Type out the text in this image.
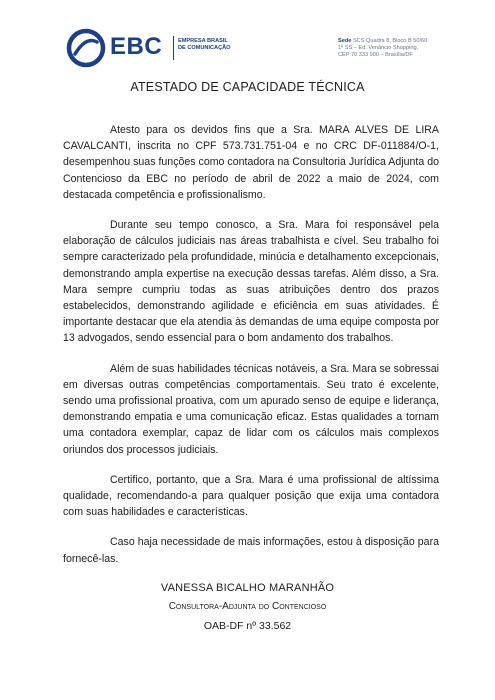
EBC	EMPRESA BRASIL
DE COMUNICAÇÃO
Sede SCS Quadra 8, Bloco B 50/60
1º SS – Ed. Venâncio Shopping,
CEP 70 333 900 – Brasília/DF
ATESTADO DE CAPACIDADE TÉCNICA

Atesto para os devidos fins que a Sra. MARA ALVES DE LIRA CAVALCANTI, inscrita no CPF 573.731.751-04 e no CRC DF-011884/O-1, desempenhou suas funções como contadora na Consultoria Jurídica Adjunta do Contencioso da EBC no período de abril de 2022 a maio de 2024, com destacada competência e profissionalismo.

Durante seu tempo conosco, a Sra. Mara foi responsável pela elaboração de cálculos judiciais nas áreas trabalhista e cível. Seu trabalho foi sempre caracterizado pela profundidade, minúcia e detalhamento excepcionais, demonstrando ampla expertise na execução dessas tarefas. Além disso, a Sra. Mara sempre cumpriu todas as suas atribuições dentro dos prazos estabelecidos, demonstrando agilidade e eficiência em suas atividades. É importante destacar que ela atendia às demandas de uma equipe composta por 13 advogados, sendo essencial para o bom andamento dos trabalhos.

Além de suas habilidades técnicas notáveis, a Sra. Mara se sobressai em diversas outras competências comportamentais. Seu trato é excelente, sendo uma profissional proativa, com um apurado senso de equipe e liderança, demonstrando empatia e uma comunicação eficaz. Estas qualidades a tornam uma contadora exemplar, capaz de lidar com os cálculos mais complexos oriundos dos processos judiciais.

Certifico, portanto, que a Sra. Mara é uma profissional de altíssima qualidade, recomendando-a para qualquer posição que exija uma contadora com suas habilidades e características.

Caso haja necessidade de mais informações, estou à disposição para fornecê-las.

VANESSA BICALHO MARANHÃO
Consultora-Adjunta do Contencioso
OAB-DF nº 33.562
